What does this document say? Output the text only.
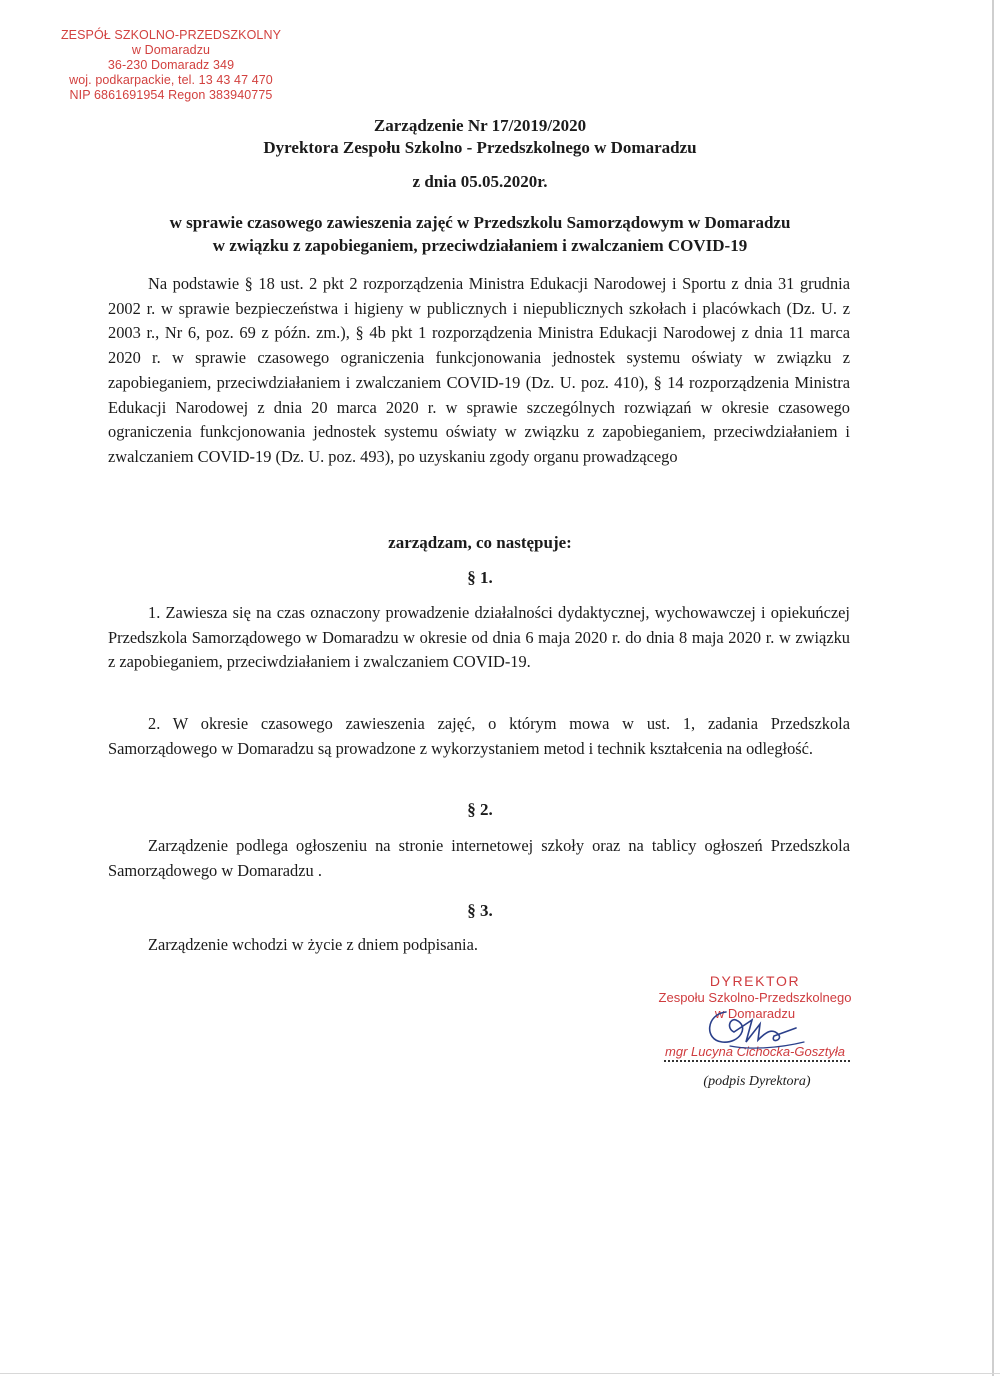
ZESPÓŁ SZKOLNO-PRZEDSZKOLNY
w Domaradzu
36-230 Domaradz 349
woj. podkarpackie, tel. 13 43 47 470
NIP 6861691954 Regon 383940775
Zarządzenie Nr 17/2019/2020
Dyrektora Zespołu Szkolno - Przedszkolnego w Domaradzu
z dnia 05.05.2020r.
w sprawie czasowego zawieszenia zajęć w Przedszkolu Samorządowym w Domaradzu
w związku z zapobieganiem, przeciwdziałaniem i zwalczaniem COVID-19

Na podstawie § 18 ust. 2 pkt 2 rozporządzenia Ministra Edukacji Narodowej i Sportu z dnia 31 grudnia 2002 r. w sprawie bezpieczeństwa i higieny w publicznych i niepublicznych szkołach i placówkach (Dz. U. z 2003 r., Nr 6, poz. 69 z późn. zm.), § 4b pkt 1 rozporządzenia Ministra Edukacji Narodowej z dnia 11 marca 2020 r. w sprawie czasowego ograniczenia funkcjonowania jednostek systemu oświaty w związku z zapobieganiem, przeciwdziałaniem i zwalczaniem COVID-19 (Dz. U. poz. 410), § 14 rozporządzenia Ministra Edukacji Narodowej z dnia 20 marca 2020 r. w sprawie szczególnych rozwiązań w okresie czasowego ograniczenia funkcjonowania jednostek systemu oświaty w związku z zapobieganiem, przeciwdziałaniem i zwalczaniem COVID-19 (Dz. U. poz. 493), po uzyskaniu zgody organu prowadzącego

zarządzam, co następuje:
§ 1.

1. Zawiesza się na czas oznaczony prowadzenie działalności dydaktycznej, wychowawczej i opiekuńczej Przedszkola Samorządowego w Domaradzu w okresie od dnia 6 maja 2020 r. do dnia 8 maja 2020 r. w związku z zapobieganiem, przeciwdziałaniem i zwalczaniem COVID-19.

2. W okresie czasowego zawieszenia zajęć, o którym mowa w ust. 1, zadania Przedszkola Samorządowego w Domaradzu są prowadzone z wykorzystaniem metod i technik kształcenia na odległość.

§ 2.

Zarządzenie podlega ogłoszeniu na stronie internetowej szkoły oraz na tablicy ogłoszeń Przedszkola Samorządowego w Domaradzu .

§ 3.

Zarządzenie wchodzi w życie z dniem podpisania.

DYREKTOR
Zespołu Szkolno-Przedszkolnego
w Domaradzu
mgr Lucyna Cichocka-Gosztyła
(podpis Dyrektora)
